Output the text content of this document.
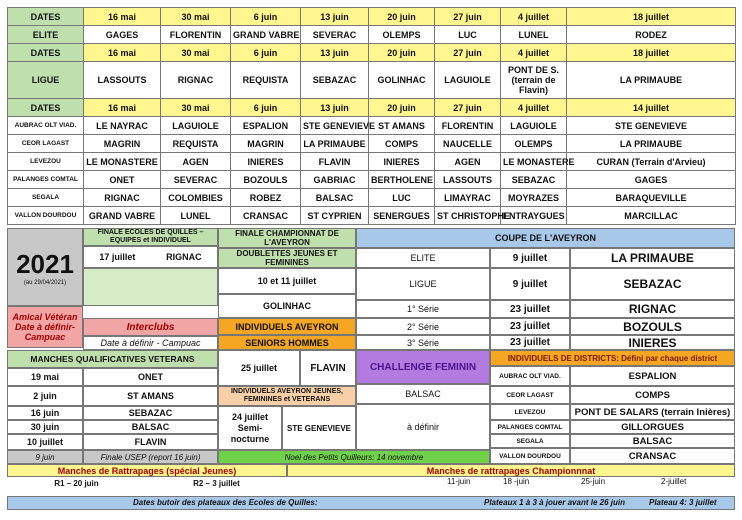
DATES	16 mai	30 mai	6 juin	13 juin	20 juin	27 juin	4 juillet	18 juillet
ELITE	GAGES	FLORENTIN	GRAND VABRE	SEVERAC	OLEMPS	LUC	LUNEL	RODEZ
DATES	16 mai	30 mai	6 juin	13 juin	20 juin	27 juin	4 juillet	18 juillet
LIGUE	LASSOUTS	RIGNAC	REQUISTA	SEBAZAC	GOLINHAC	LAGUIOLE	PONT DE S. (terrain de Flavin)	LA PRIMAUBE

DATES	16 mai	30 mai	6 juin	13 juin	20 juin	27 juin	4 juillet	14 juillet
AUBRAC OLT VIAD.	LE NAYRAC	LAGUIOLE	ESPALION	STE GENEVIEVE	ST AMANS	FLORENTIN	LAGUIOLE	STE GENEVIEVE
CEOR LAGAST	MAGRIN	REQUISTA	MAGRIN	LA PRIMAUBE	COMPS	NAUCELLE	OLEMPS	LA PRIMAUBE
LEVEZOU	LE MONASTERE	AGEN	INIERES	FLAVIN	INIERES	AGEN	LE MONASTERE	CURAN (Terrain d'Arvieu)
PALANGES COMTAL	ONET	SEVERAC	BOZOULS	GABRIAC	BERTHOLENE	LASSOUTS	SEBAZAC	GAGES
SEGALA	RIGNAC	COLOMBIES	ROBEZ	BALSAC	LUC	LIMAYRAC	MOYRAZES	BARAQUEVILLE
VALLON DOURDOU	GRAND VABRE	LUNEL	CRANSAC	ST CYPRIEN	SENERGUES	ST CHRISTOPHE	ENTRAYGUES	MARCILLAC
2021
(au 29/04/2021)
FINALE ECOLES DE QUILLES – EQUIPES et INDIVIDUEL
17 juillet	RIGNAC
FINALE CHAMPIONNAT DE L'AVEYRON
DOUBLETTES JEUNES ET FEMININES
10 et 11 juillet
GOLINHAC
COUPE DE L'AVEYRON
ELITE	9 juillet	LA PRIMAUBE
LIGUE	9 juillet	SEBAZAC
1° Série	23 juillet	RIGNAC
2° Série	23 juillet	BOZOULS
3° Série	23 juillet	INIERES
Amical Vétéran Date à définir- Campuac
Interclubs
Date à définir - Campuac
INDIVIDUELS AVEYRON
SENIORS HOMMES
MANCHES QUALIFICATIVES VETERANS
19 mai	ONET
2 juin	ST AMANS
16 juin	SEBAZAC
30 juin	BALSAC
10 juillet	FLAVIN
9 juin	Finale USEP (report 16 juin)
25 juillet	FLAVIN
INDIVIDUELS AVEYRON JEUNES, FEMININES et VETERANS
24 juillet Semi-nocturne
STE GENEVIEVE
CHALLENGE FEMININ
BALSAC
à définir
INDIVIDUELS DE DISTRICTS: Défini par chaque district
AUBRAC OLT VIAD.	ESPALION
CEOR LAGAST	COMPS
LEVEZOU	PONT DE SALARS (terrain Inières)
PALANGES COMTAL	GILLORGUES
SEGALA	BALSAC
VALLON DOURDOU	CRANSAC
Noel des Petits Quilleurs: 14 novembre
Manches de Rattrapages (spécial Jeunes)
R1 – 20 juin	R2 – 3 juillet
Manches de rattrapages Championnnat
11-juin	18 -juin	25-juin	2-juillet
Dates butoir des plateaux des Ecoles de Quilles:	Plateaux 1 à 3 à jouer avant le 26 juin	Plateau 4: 3 juillet
